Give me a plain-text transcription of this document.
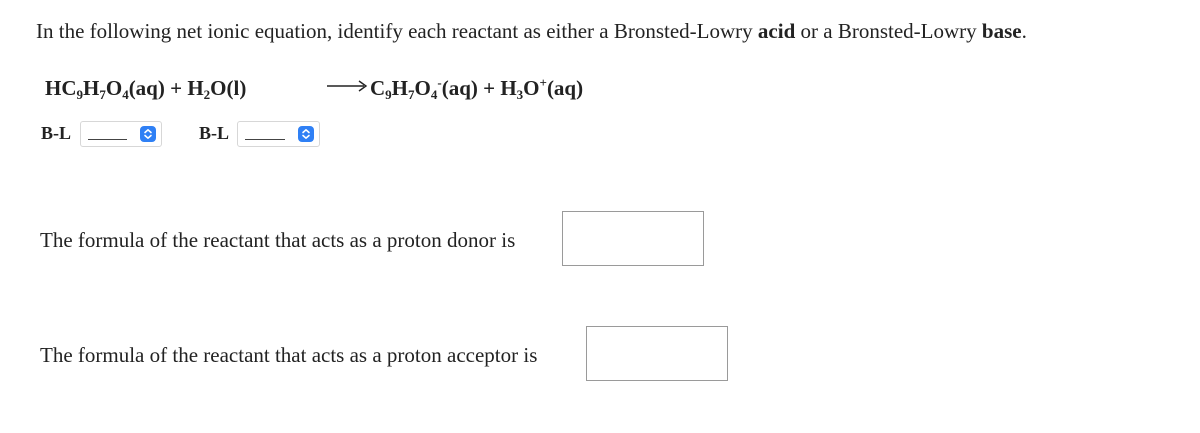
In the following net ionic equation, identify each reactant as either a Bronsted-Lowry acid or a Bronsted-Lowry base.
$HC_9H_7O_4(aq) + H_2O(l)$	→ $C_9H_7O_4^-(aq) + H_3O^+(aq)$
B-L	B-L
The formula of the reactant that acts as a proton donor is
The formula of the reactant that acts as a proton acceptor is
